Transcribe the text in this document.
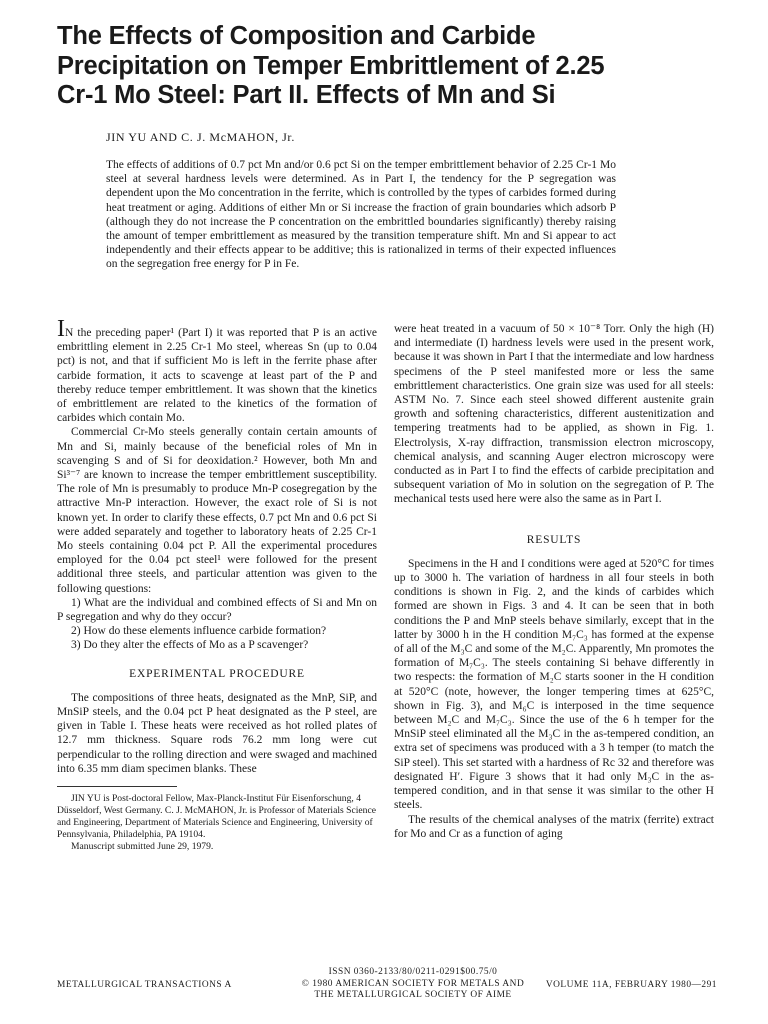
The Effects of Composition and Carbide
Precipitation on Temper Embrittlement of 2.25
Cr-1 Mo Steel: Part II. Effects of Mn and Si
JIN YU AND C. J. McMAHON, Jr.

The effects of additions of 0.7 pct Mn and/or 0.6 pct Si on the temper embrittlement behavior of 2.25 Cr-1 Mo steel at several hardness levels were determined. As in Part I, the tendency for the P segregation was dependent upon the Mo concentration in the ferrite, which is controlled by the types of carbides formed during heat treatment or aging. Additions of either Mn or Si increase the fraction of grain boundaries which adsorb P (although they do not increase the P concentration on the embrittled boundaries significantly) thereby raising the amount of temper embrittlement as measured by the transition temperature shift. Mn and Si appear to act independently and their effects appear to be additive; this is rationalized in terms of their expected influences on the segregation free energy for P in Fe.

IN the preceding paper¹ (Part I) it was reported that P is an active embrittling element in 2.25 Cr-1 Mo steel, whereas Sn (up to 0.04 pct) is not, and that if sufficient Mo is left in the ferrite phase after carbide formation, it acts to scavenge at least part of the P and thereby reduce temper embrittlement. It was shown that the kinetics of embrittlement are related to the kinetics of the formation of carbides which contain Mo.

Commercial Cr-Mo steels generally contain certain amounts of Mn and Si, mainly because of the beneficial roles of Mn in scavenging S and of Si for deoxidation.² However, both Mn and Si³⁻⁷ are known to increase the temper embrittlement susceptibility. The role of Mn is presumably to produce Mn-P cosegregation by the attractive Mn-P interaction. However, the exact role of Si is not known yet. In order to clarify these effects, 0.7 pct Mn and 0.6 pct Si were added separately and together to laboratory heats of 2.25 Cr-1 Mo steels containing 0.04 pct P. All the experimental procedures employed for the 0.04 pct steel¹ were followed for the present additional three steels, and particular attention was given to the following questions:

1) What are the individual and combined effects of Si and Mn on P segregation and why do they occur?

2) How do these elements influence carbide formation?

3) Do they alter the effects of Mo as a P scavenger?

EXPERIMENTAL PROCEDURE

The compositions of three heats, designated as the MnP, SiP, and MnSiP steels, and the 0.04 pct P heat designated as the P steel, are given in Table I. These heats were received as hot rolled plates of 12.7 mm thickness. Square rods 76.2 mm long were cut perpendicular to the rolling direction and were swaged and machined into 6.35 mm diam specimen blanks. These

JIN YU is Post-doctoral Fellow, Max-Planck-Institut Für Eisenforschung, 4 Düsseldorf, West Germany. C. J. McMAHON, Jr. is Professor of Materials Science and Engineering, Department of Materials Science and Engineering, University of Pennsylvania, Philadelphia, PA 19104.

Manuscript submitted June 29, 1979.

were heat treated in a vacuum of 50 × 10⁻⁸ Torr. Only the high (H) and intermediate (I) hardness levels were used in the present work, because it was shown in Part I that the intermediate and low hardness specimens of the P steel manifested more or less the same embrittlement characteristics. One grain size was used for all steels: ASTM No. 7. Since each steel showed different austenite grain growth and softening characteristics, different austenitization and tempering treatments had to be applied, as shown in Fig. 1. Electrolysis, X-ray diffraction, transmission electron microscopy, chemical analysis, and scanning Auger electron microscopy were conducted as in Part I to find the effects of carbide precipitation and subsequent variation of Mo in solution on the segregation of P. The mechanical tests used here were also the same as in Part I.

RESULTS

Specimens in the H and I conditions were aged at 520°C for times up to 3000 h. The variation of hardness in all four steels in both conditions is shown in Fig. 2, and the kinds of carbides which formed are shown in Figs. 3 and 4. It can be seen that in both conditions the P and MnP steels behave similarly, except that in the latter by 3000 h in the H condition M₇C₃ has formed at the expense of all of the M₃C and some of the M₂C. Apparently, Mn promotes the formation of M₇C₃. The steels containing Si behave differently in two respects: the formation of M₂C starts sooner in the H condition at 520°C (note, however, the longer tempering times at 625°C, shown in Fig. 3), and M₆C is interposed in the time sequence between M₂C and M₇C₃. Since the use of the 6 h temper for the MnSiP steel eliminated all the M₃C in the as-tempered condition, an extra set of specimens was produced with a 3 h temper (to match the SiP steel). This set started with a hardness of Rc 32 and therefore was designated H′. Figure 3 shows that it had only M₃C in the as-tempered condition, and in that sense it was similar to the other H steels.

The results of the chemical analyses of the matrix (ferrite) extract for Mo and Cr as a function of aging

METALLURGICAL TRANSACTIONS A
ISSN 0360-2133/80/0211-0291$00.75/0
© 1980 AMERICAN SOCIETY FOR METALS AND
THE METALLURGICAL SOCIETY OF AIME
VOLUME 11A, FEBRUARY 1980—291
